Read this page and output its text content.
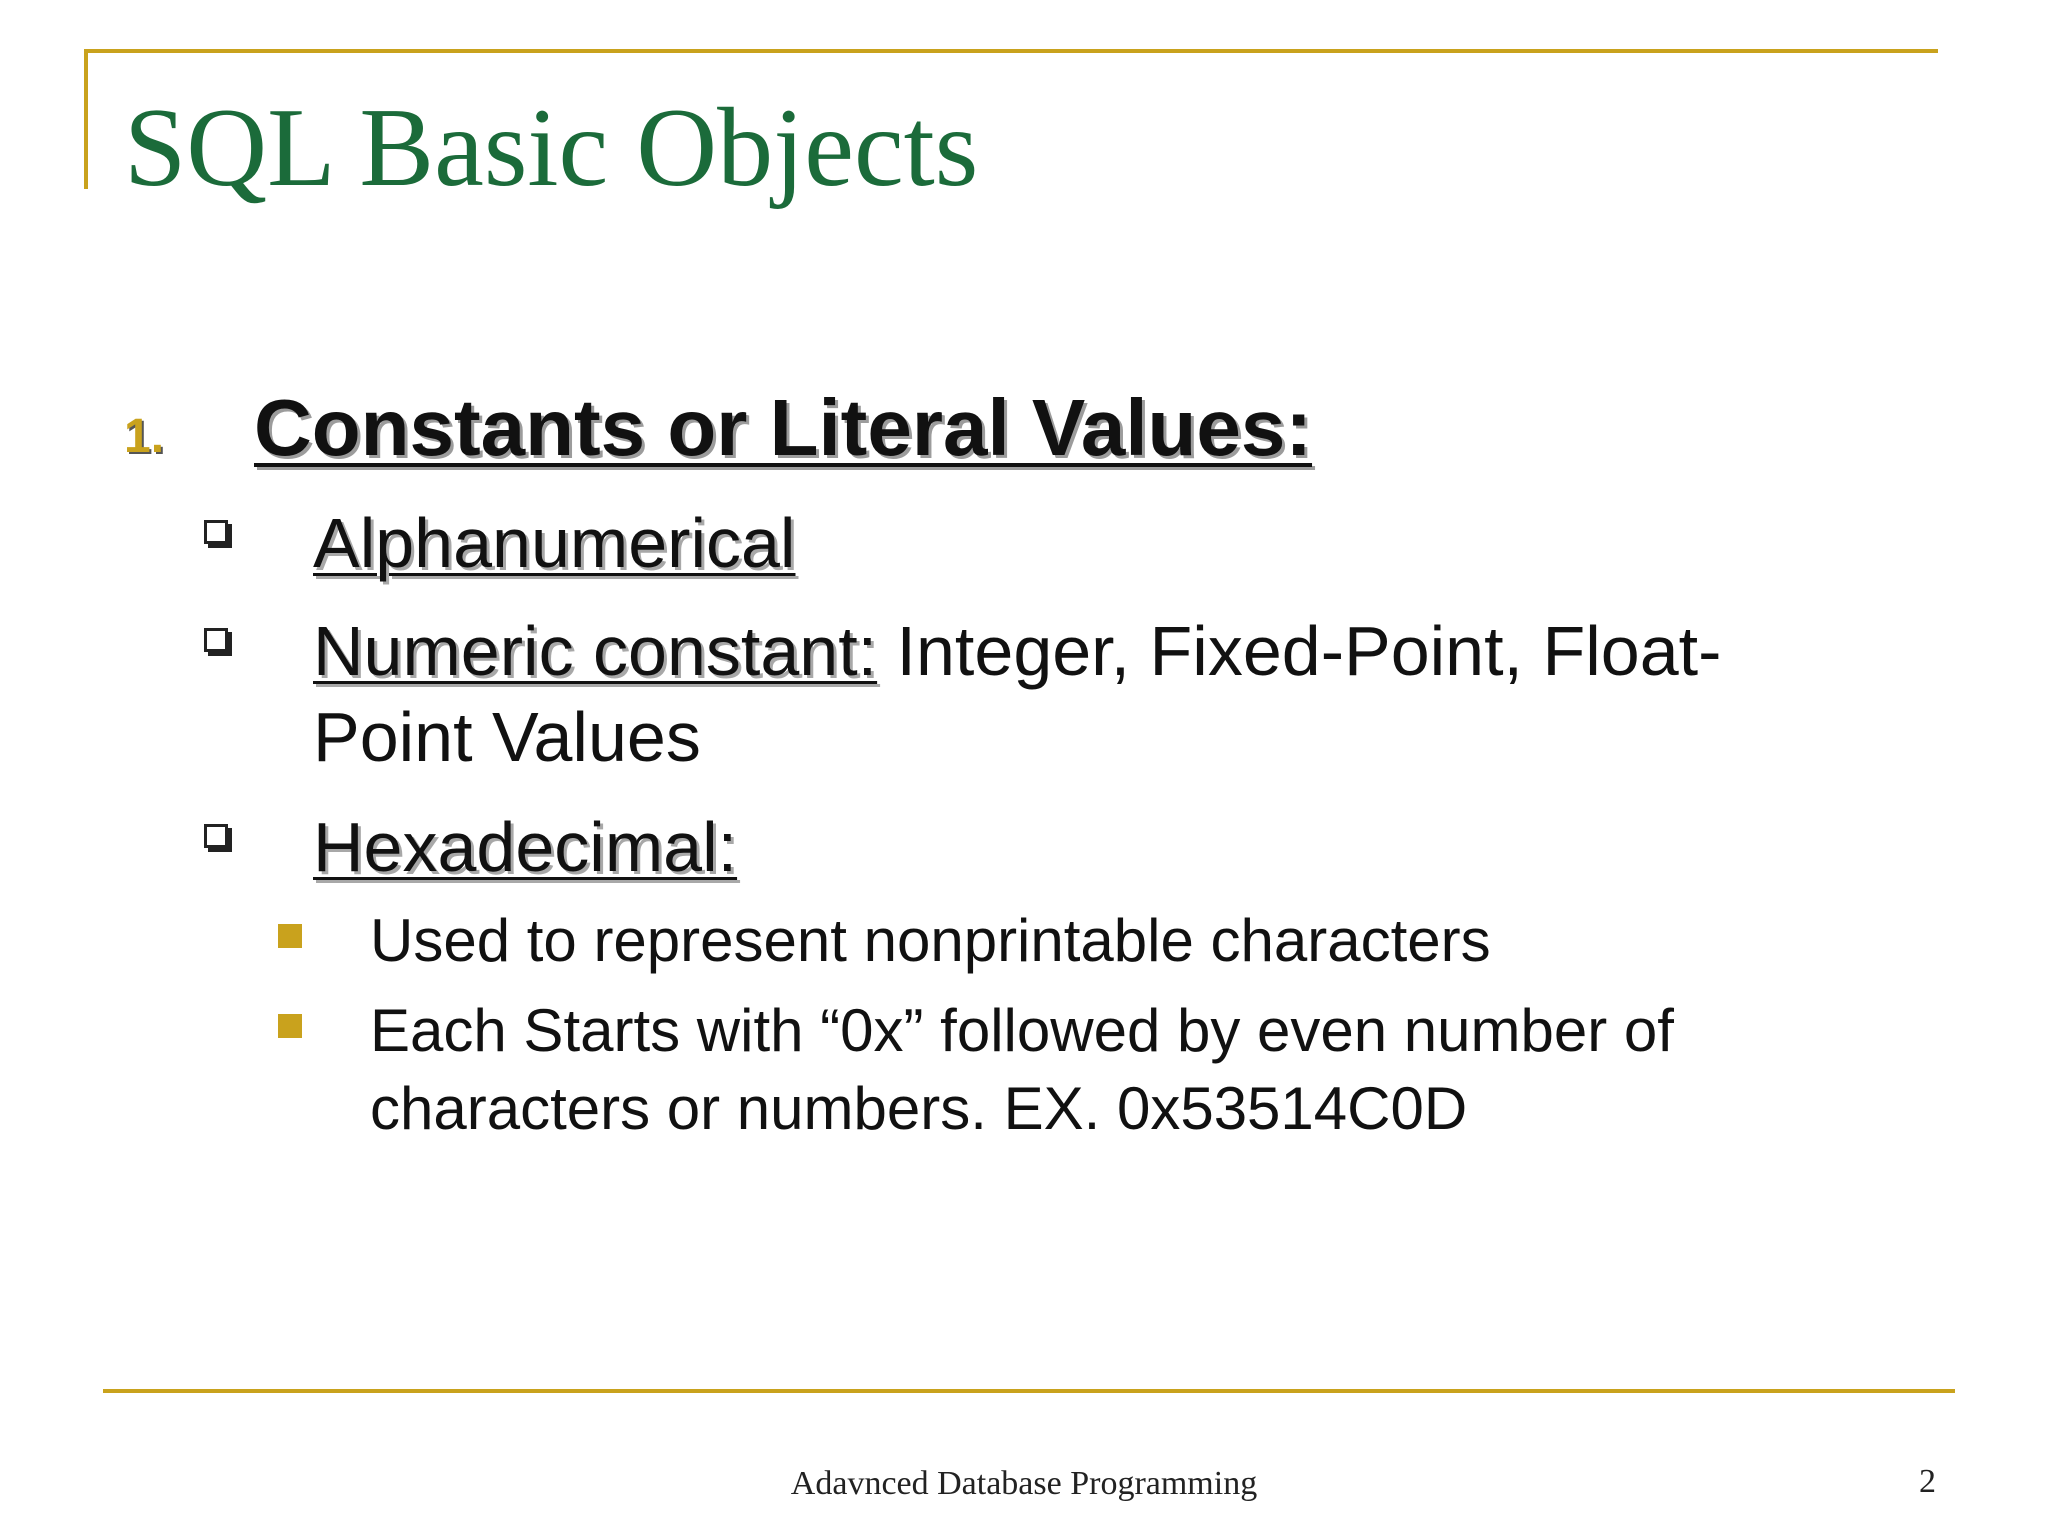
SQL Basic Objects
1. Constants or Literal Values:
Alphanumerical
Numeric constant: Integer, Fixed-Point, Float-Point Values
Hexadecimal:
Used to represent nonprintable characters
Each Starts with “0x” followed by even number of characters or numbers. EX. 0x53514C0D
Adavnced Database Programming	2
